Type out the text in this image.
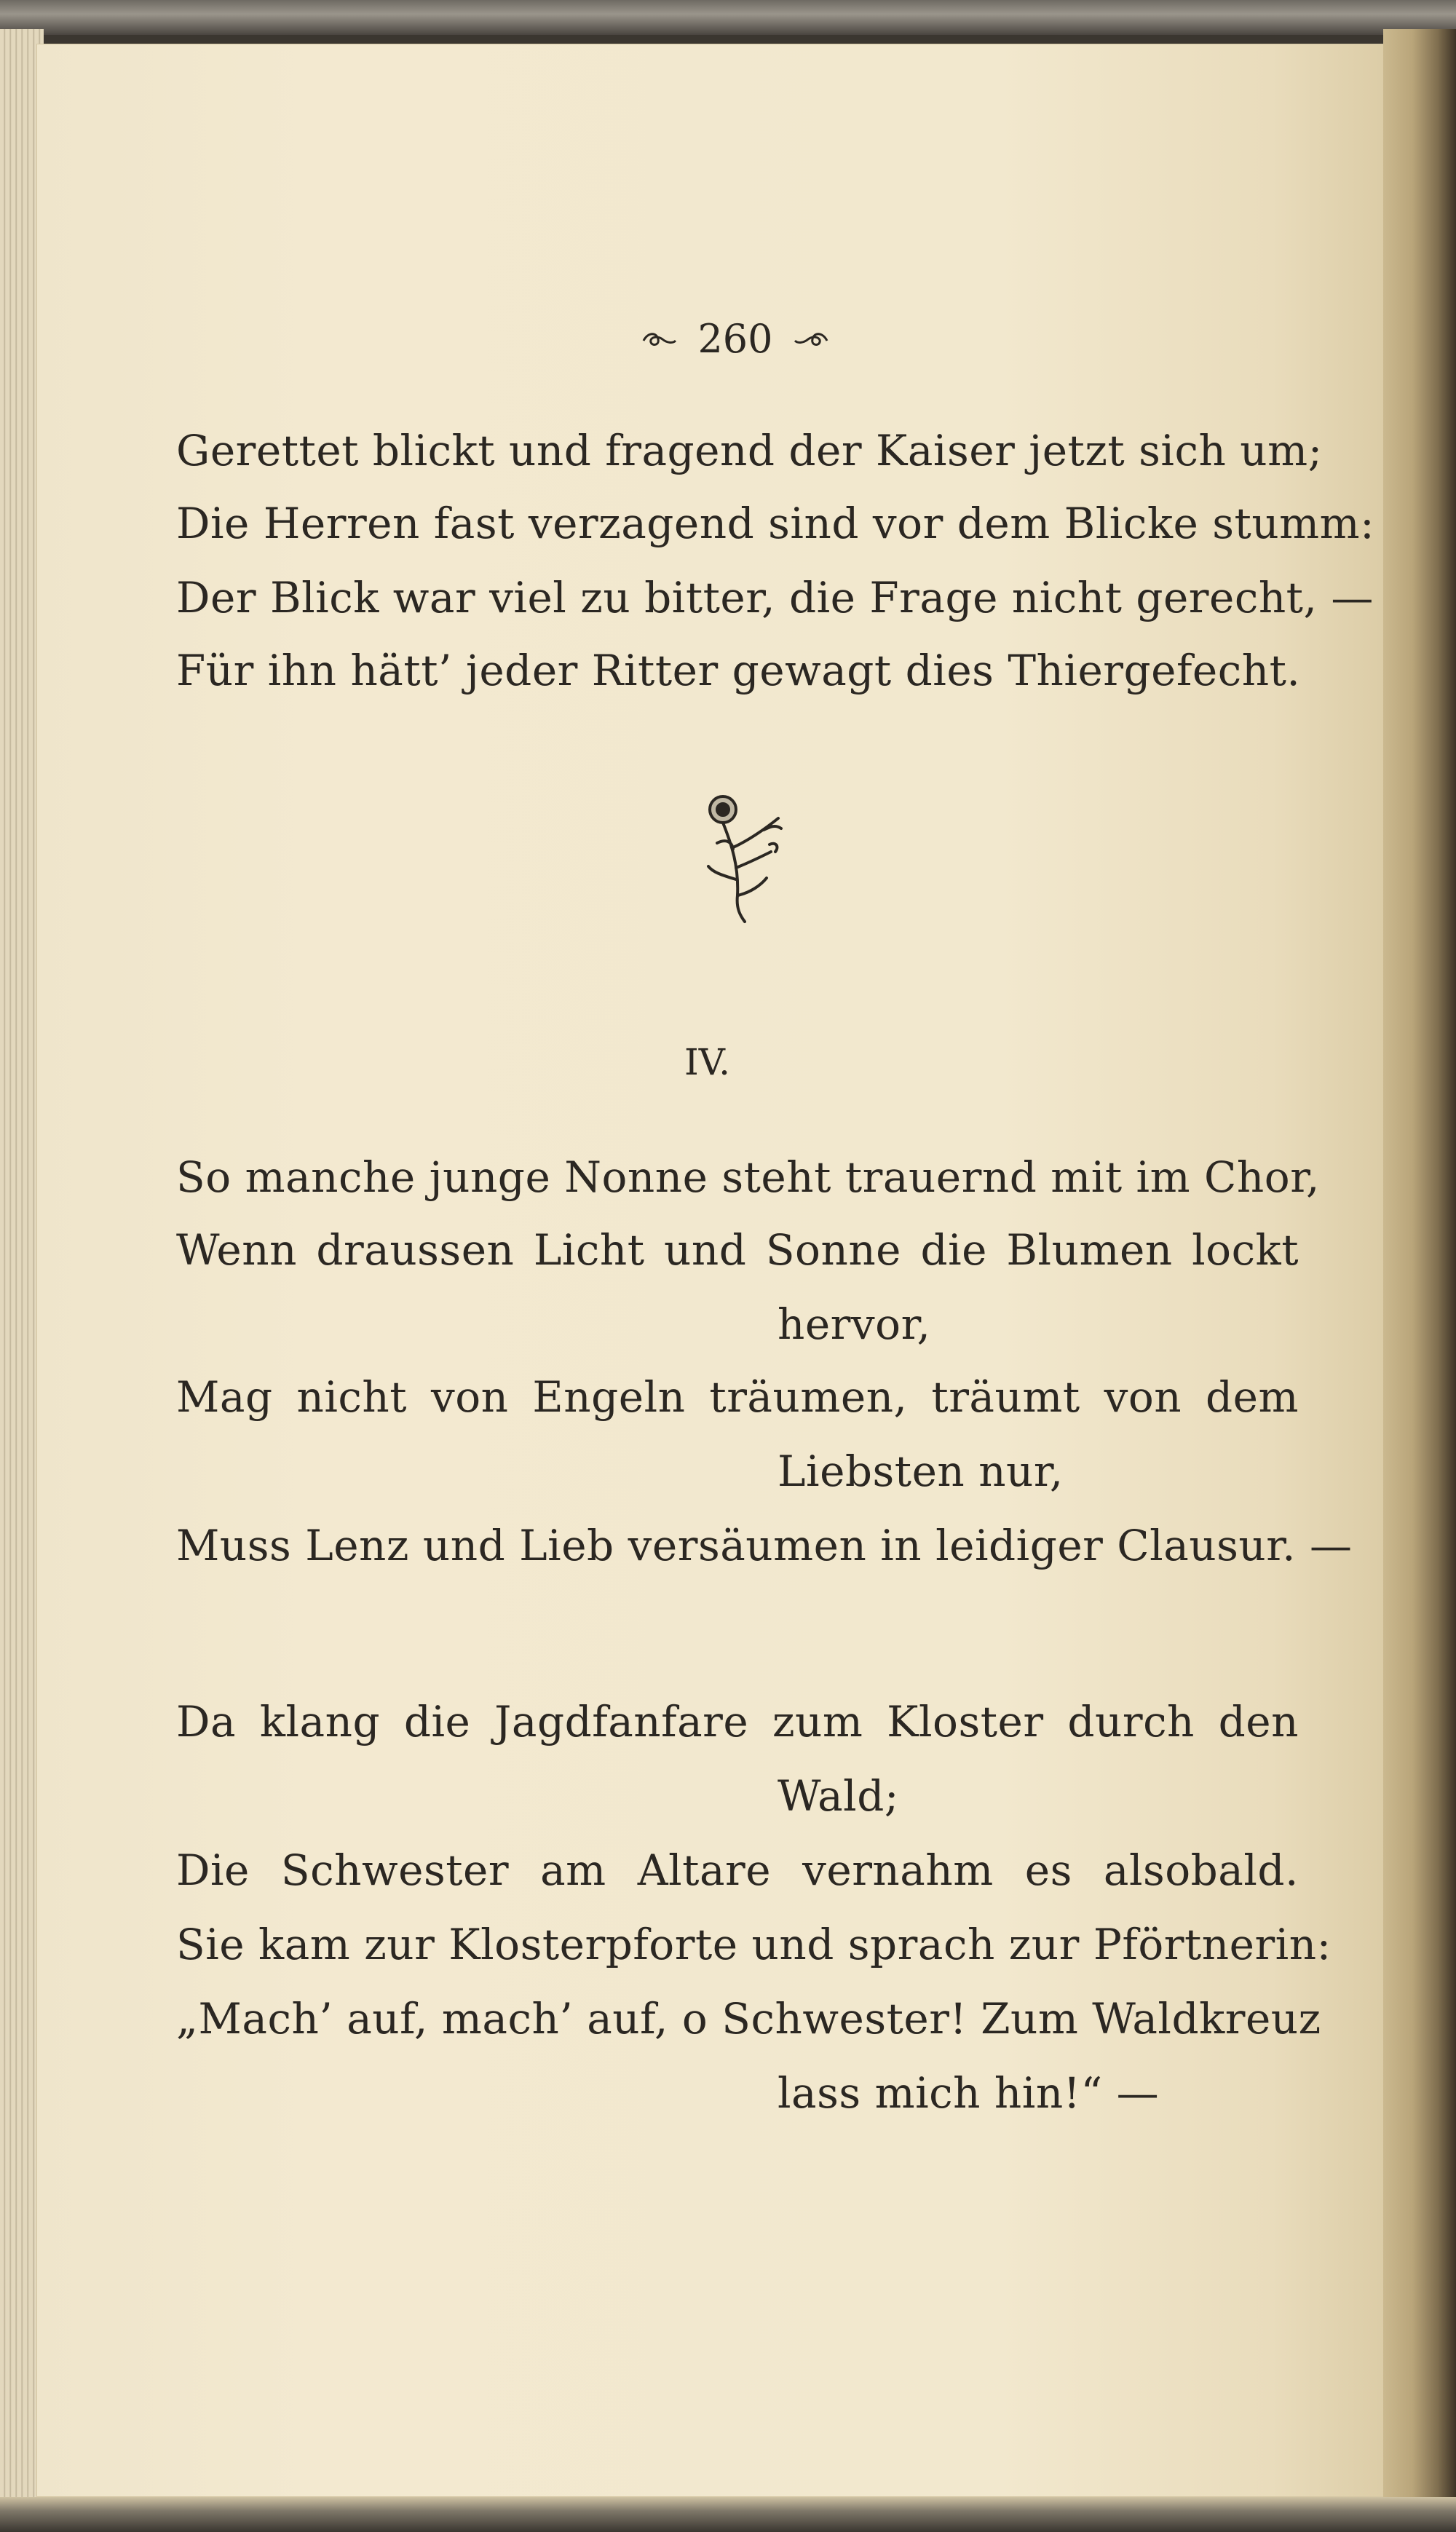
260
Gerettet blickt und fragend der Kaiser jetzt sich um;
Die Herren fast verzagend sind vor dem Blicke stumm:
Der Blick war viel zu bitter, die Frage nicht gerecht, —
Für ihn hätt’ jeder Ritter gewagt dies Thiergefecht.
IV.
So manche junge Nonne steht trauernd mit im Chor,
Wenn draussen Licht und Sonne die Blumen lockt
hervor,
Mag nicht von Engeln träumen, träumt von dem
Liebsten nur,
Muss Lenz und Lieb versäumen in leidiger Clausur. —
Da klang die Jagdfanfare zum Kloster durch den
Wald;
Die Schwester am Altare vernahm es alsobald.
Sie kam zur Klosterpforte und sprach zur Pförtnerin:
„Mach’ auf, mach’ auf, o Schwester! Zum Waldkreuz
lass mich hin!“ —
